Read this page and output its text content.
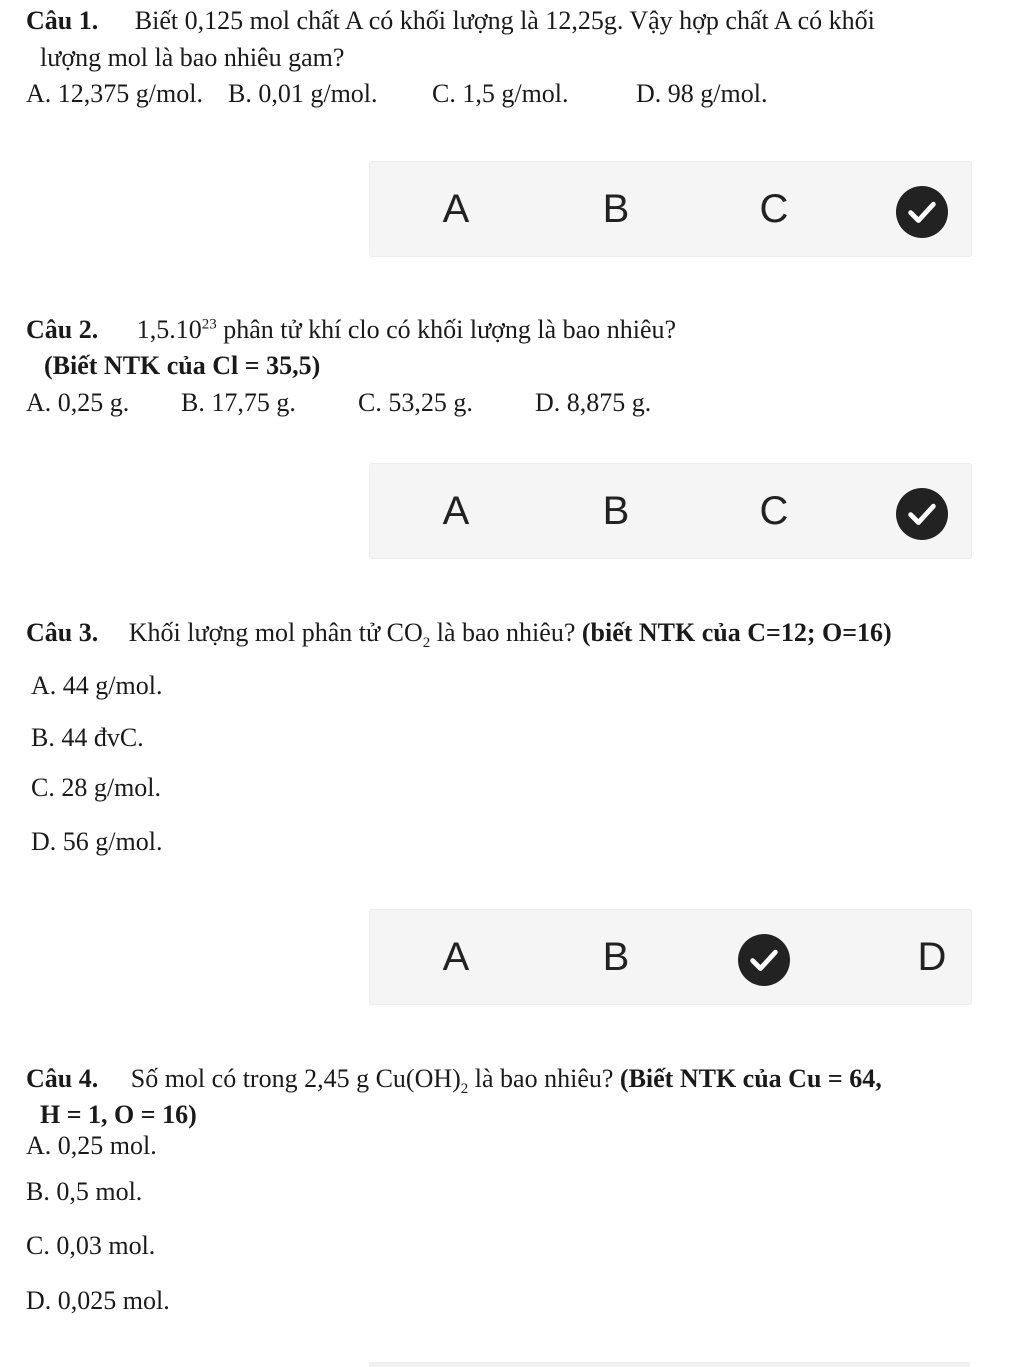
Câu 1. Biết 0,125 mol chất A có khối lượng là 12,25g. Vậy hợp chất A có khối
lượng mol là bao nhiêu gam?
A. 12,375 g/mol. B. 0,01 g/mol. C. 1,5 g/mol.	D. 98 g/mol.
A	B	C
Câu 2. 1,5.10$^{23}$ phân tử khí clo có khối lượng là bao nhiêu?
(Biết NTK của Cl = 35,5)
A. 0,25 g. B. 17,75 g. C. 53,25 g. D. 8,875 g.
A	B	C
Câu 3. Khối lượng mol phân tử $CO_2$ là bao nhiêu? (biết NTK của C=12; O=16)
A. 44 g/mol.
B. 44 đvC.
C. 28 g/mol.
D. 56 g/mol.
A	B	D
Câu 4. Số mol có trong 2,45 g $Cu(OH)_2$ là bao nhiêu? (Biết NTK của Cu = 64,
H = 1, O = 16)
A. 0,25 mol.
B. 0,5 mol.
C. 0,03 mol.
D. 0,025 mol.
